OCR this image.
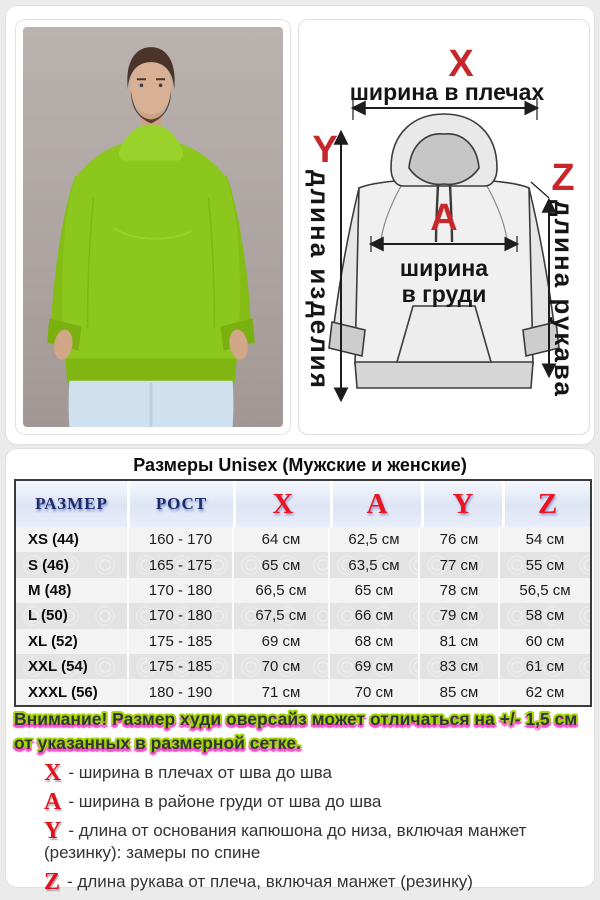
X
ширина в плечах
Y
длина изделия	A
ширина
в груди
Z
длина рукава
Размеры Unisex (Мужские и женские)
РАЗМЕР	РОСТ	X	A	Y	Z
XS (44)	160 - 170	64 см	62,5 см	76 см	54 см
S (46)	165 - 175	65 см	63,5 см	77 см	55 см
M (48)	170 - 180	66,5 см	65 см	78 см	56,5 см
L (50)	170 - 180	67,5 см	66 см	79 см	58 см
XL (52)	175 - 185	69 см	68 см	81 см	60 см
XXL (54)	175 - 185	70 см	69 см	83 см	61 см
XXXL (56)	180 - 190	71 см	70 см	85 см	62 см
Внимание! Размер худи оверсайз может отличаться на +/- 1,5 см от указанных в размерной сетке.
X - ширина в плечах от шва до шва
A - ширина в районе груди от шва до шва
Y - длина от основания капюшона до низа, включая манжет (резинку): замеры по спине
Z - длина рукава от плеча, включая манжет (резинку)
